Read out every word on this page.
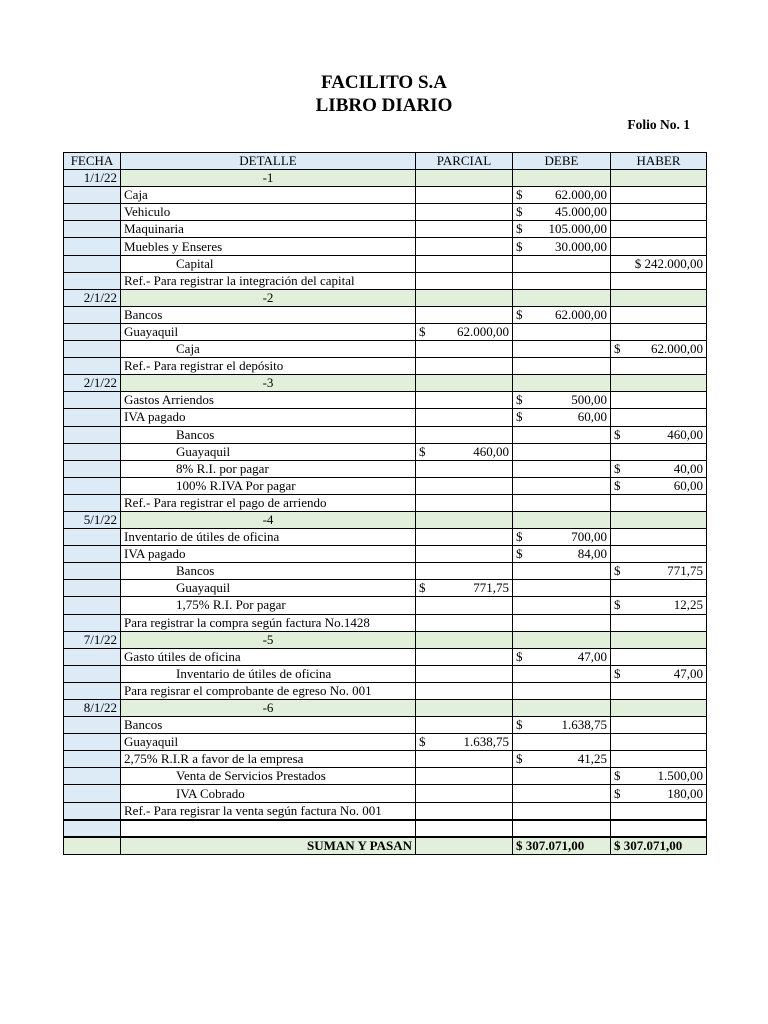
FACILITO S.A
LIBRO DIARIO
Folio No. 1
FECHA	DETALLE	PARCIAL	DEBE	HABER
1/1/22	-1			
	Caja		$ 62.000,00	

	Vehiculo		$ 45.000,00	

	Maquinaria		$ 105.000,00	

	Muebles y Enseres		$ 30.000,00	

	Capital			$ 242.000,00
	Ref.- Para registrar la integración del capital			
2/1/22	-2			
	Bancos		$ 62.000,00	

	Guayaquil	$ 62.000,00		

	Caja			$ 62.000,00

	Ref.- Para registrar el depósito			
2/1/22	-3			
	Gastos Arriendos		$ 500,00	

	IVA pagado		$ 60,00	

	Bancos			$ 460,00

	Guayaquil	$ 460,00		

	8% R.I. por pagar			$ 40,00

	100% R.IVA Por pagar			$ 60,00

	Ref.- Para registrar el pago de arriendo			
5/1/22	-4			
	Inventario de útiles de oficina		$ 700,00	

	IVA pagado		$ 84,00	

	Bancos			$ 771,75

	Guayaquil	$ 771,75		

	1,75% R.I. Por pagar			$ 12,25

	Para registrar la compra según factura No.1428			
7/1/22	-5			
	Gasto útiles de oficina		$ 47,00	

	Inventario de útiles de oficina			$ 47,00

	Para regisrar el comprobante de egreso No. 001			
8/1/22	-6			
	Bancos		$ 1.638,75	

	Guayaquil	$ 1.638,75		

	2,75% R.I.R a favor de la empresa		$ 41,25	

	Venta de Servicios Prestados			$ 1.500,00

	IVA Cobrado			$ 180,00

	Ref.- Para regisrar la venta según factura No. 001			

	SUMAN Y PASAN		$ 307.071,00	$ 307.071,00
